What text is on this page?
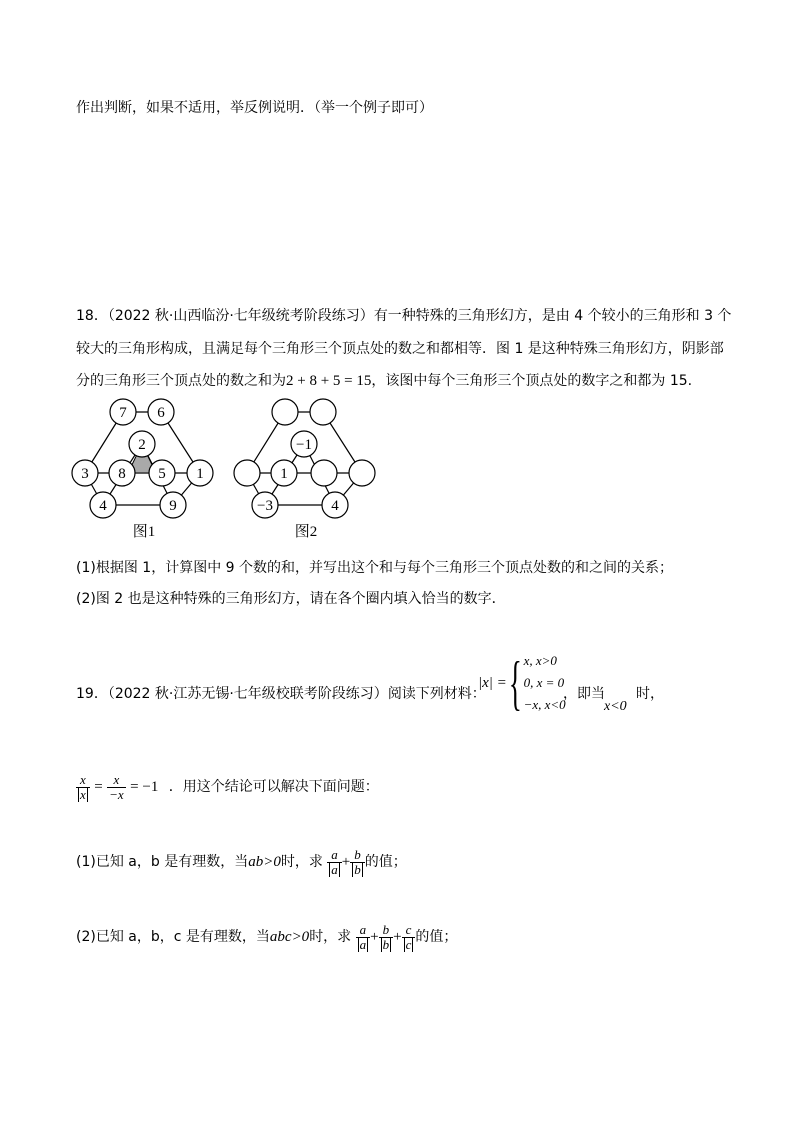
作出判断，如果不适用，举反例说明．（举一个例子即可）
18．（2022 秋·山西临汾·七年级统考阶段练习）有一种特殊的三角形幻方，是由 4 个较小的三角形和 3 个
较大的三角形构成，且满足每个三角形三个顶点处的数之和都相等．图 1 是这种特殊三角形幻方，阴影部
分的三角形三个顶点处的数之和为2 + 8 + 5 = 15，该图中每个三角形三个顶点处的数字之和都为 15.
7 6
2
3 8 5 1
4	9
图1
−1
1
−3	4
图2
(1)根据图 1，计算图中 9 个数的和，并写出这个和与每个三角形三个顶点处数的和之间的关系；
(2)图 2 也是这种特殊的三角形幻方，请在各个圈内填入恰当的数字．
19．（2022 秋·江苏无锡·七年级校联考阶段练习）阅读下列材料：
|x| = { x, x>0
0, x = 0
−x, x<0
，即当
x<0
时，
$\frac{x}{x} = \frac{x}{-x} = -1$ ．用这个结论可以解决下面问题：
(1)已知 a，b 是有理数，当ab>0时，求 $\frac{a}{a} + \frac{b}{b}$ 的值；
(2)已知 a，b，c 是有理数，当abc>0时，求 $\frac{a}{a} + \frac{b}{b} + \frac{c}{c}$ 的值；
